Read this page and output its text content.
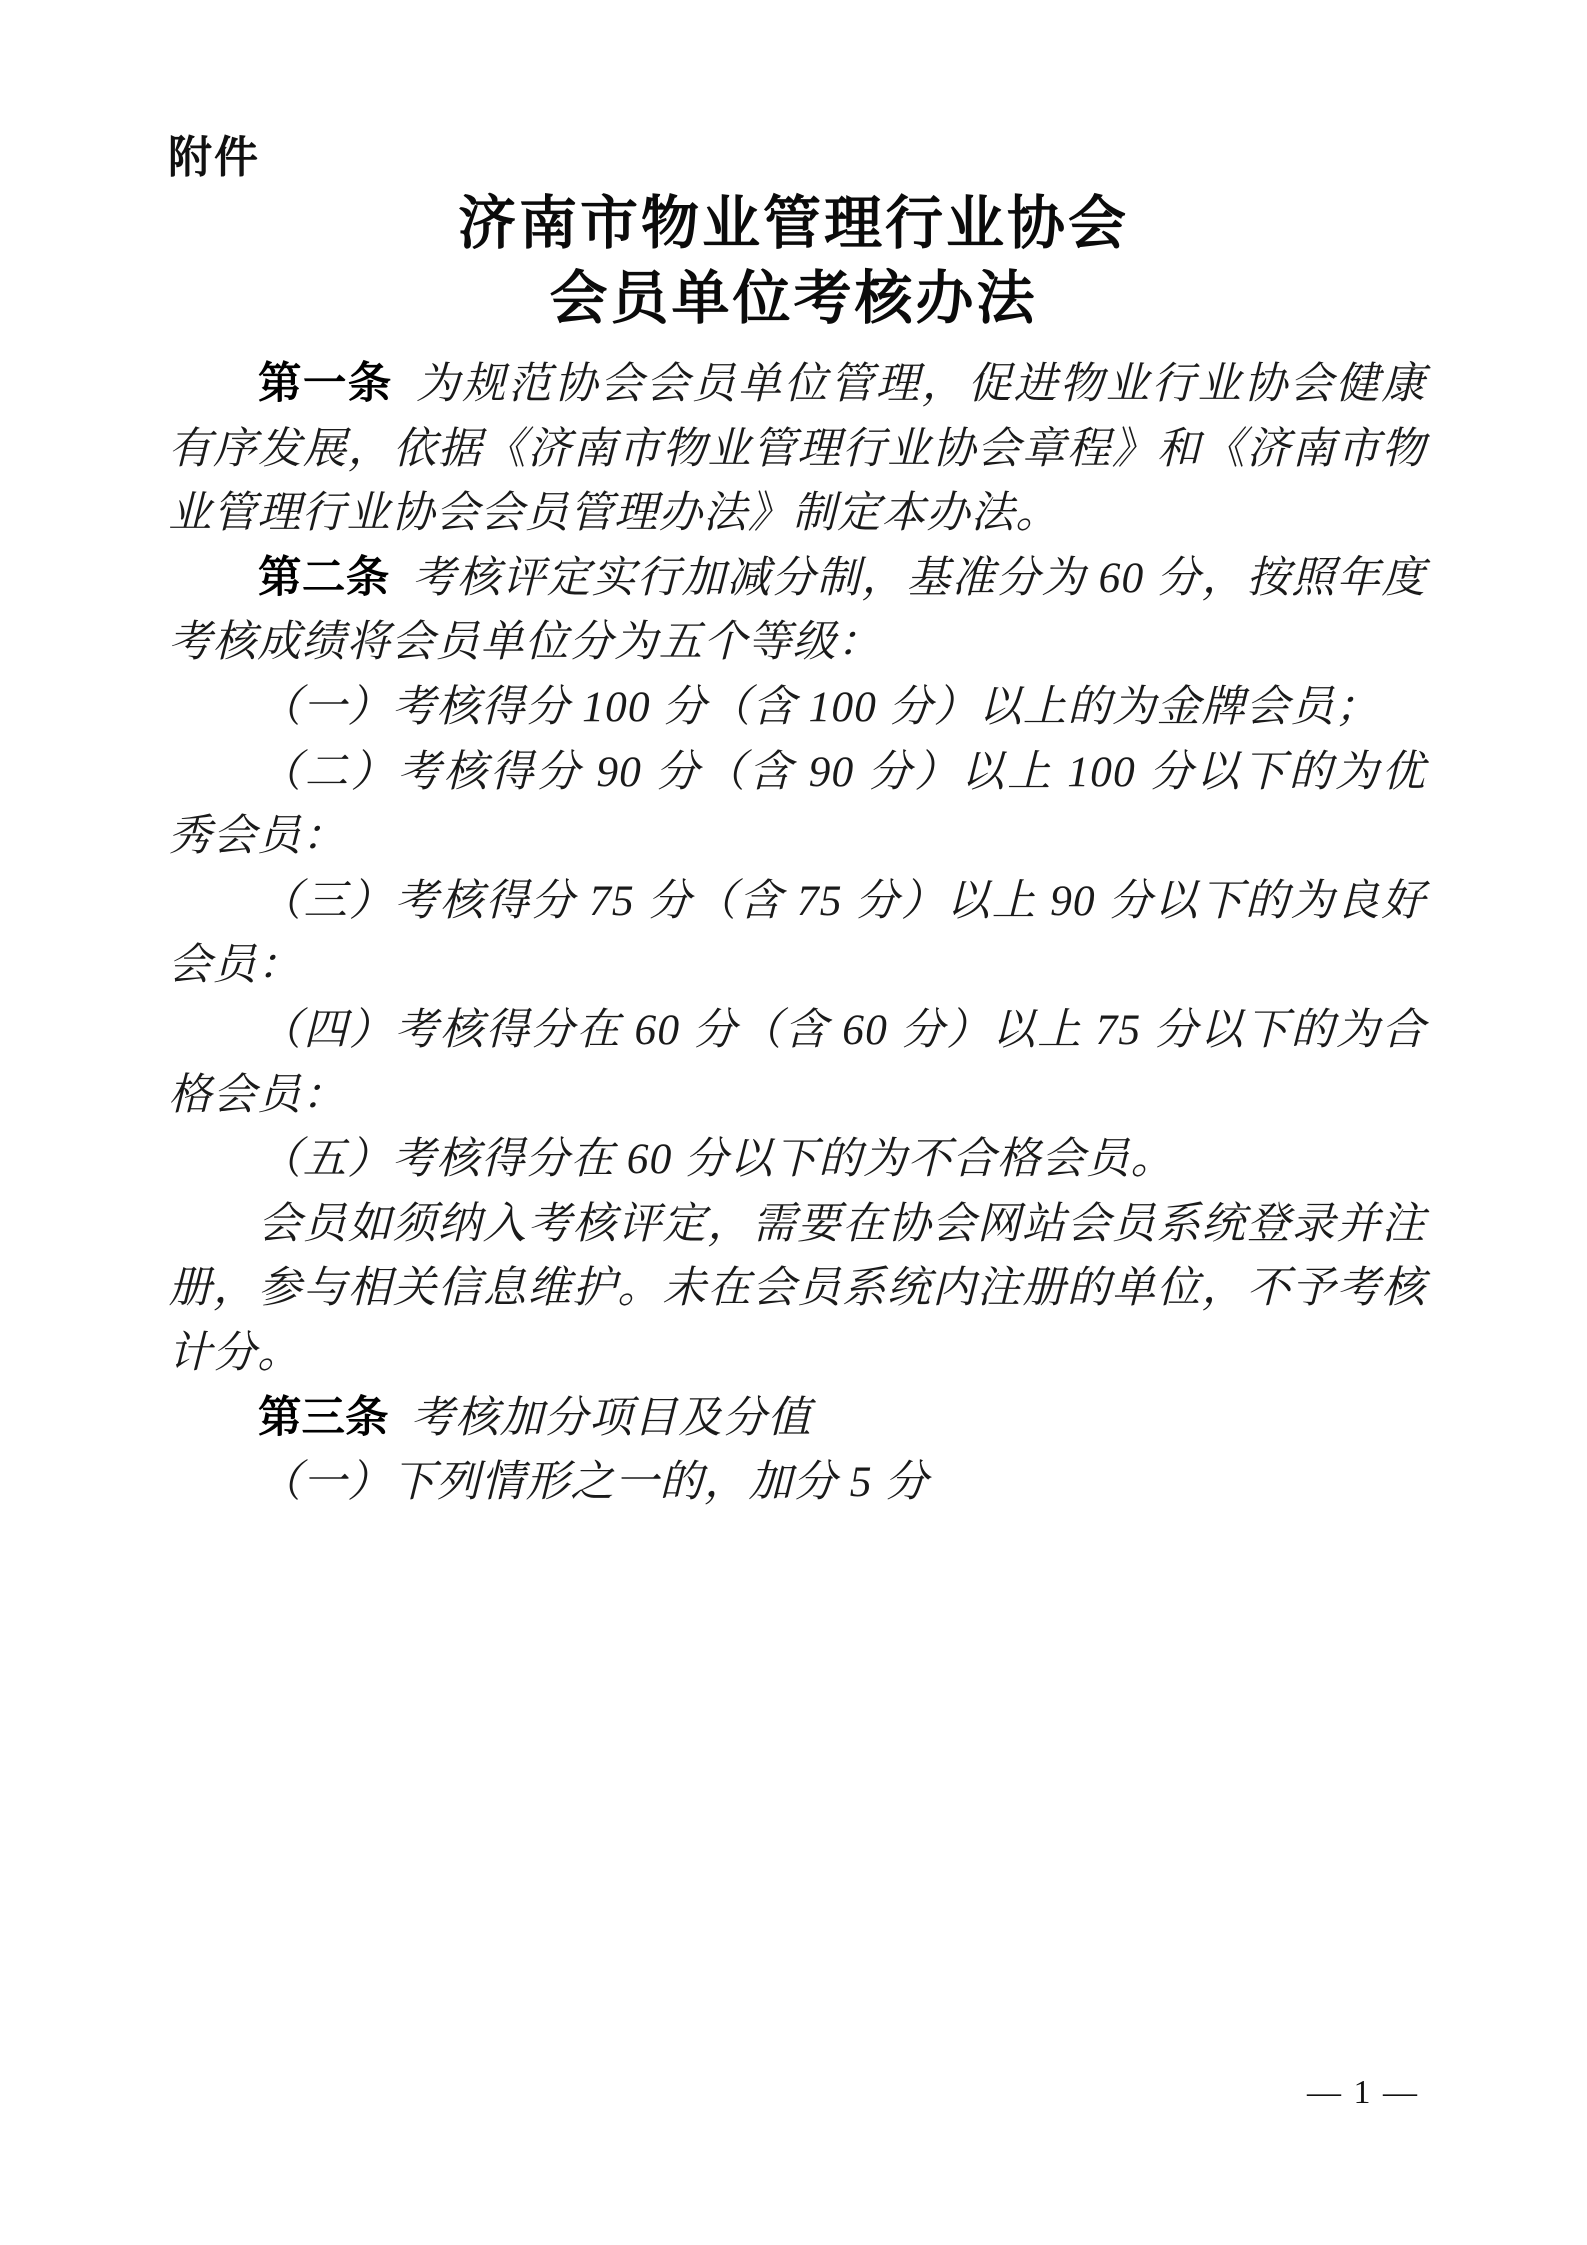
附件
济南市物业管理行业协会
会员单位考核办法

第一条 为规范协会会员单位管理，促进物业行业协会健康有序发展，依据《济南市物业管理行业协会章程》和《济南市物业管理行业协会会员管理办法》制定本办法。

第二条 考核评定实行加减分制，基准分为 60 分，按照年度考核成绩将会员单位分为五个等级：

（一）考核得分 100 分（含 100 分）以上的为金牌会员；

（二）考核得分 90 分（含 90 分）以上 100 分以下的为优秀会员：

（三）考核得分 75 分（含 75 分）以上 90 分以下的为良好会员：

（四）考核得分在 60 分（含 60 分）以上 75 分以下的为合格会员：

（五）考核得分在 60 分以下的为不合格会员。

会员如须纳入考核评定，需要在协会网站会员系统登录并注册，参与相关信息维护。未在会员系统内注册的单位，不予考核计分。

第三条 考核加分项目及分值

（一）下列情形之一的，加分 5 分

— 1 —
